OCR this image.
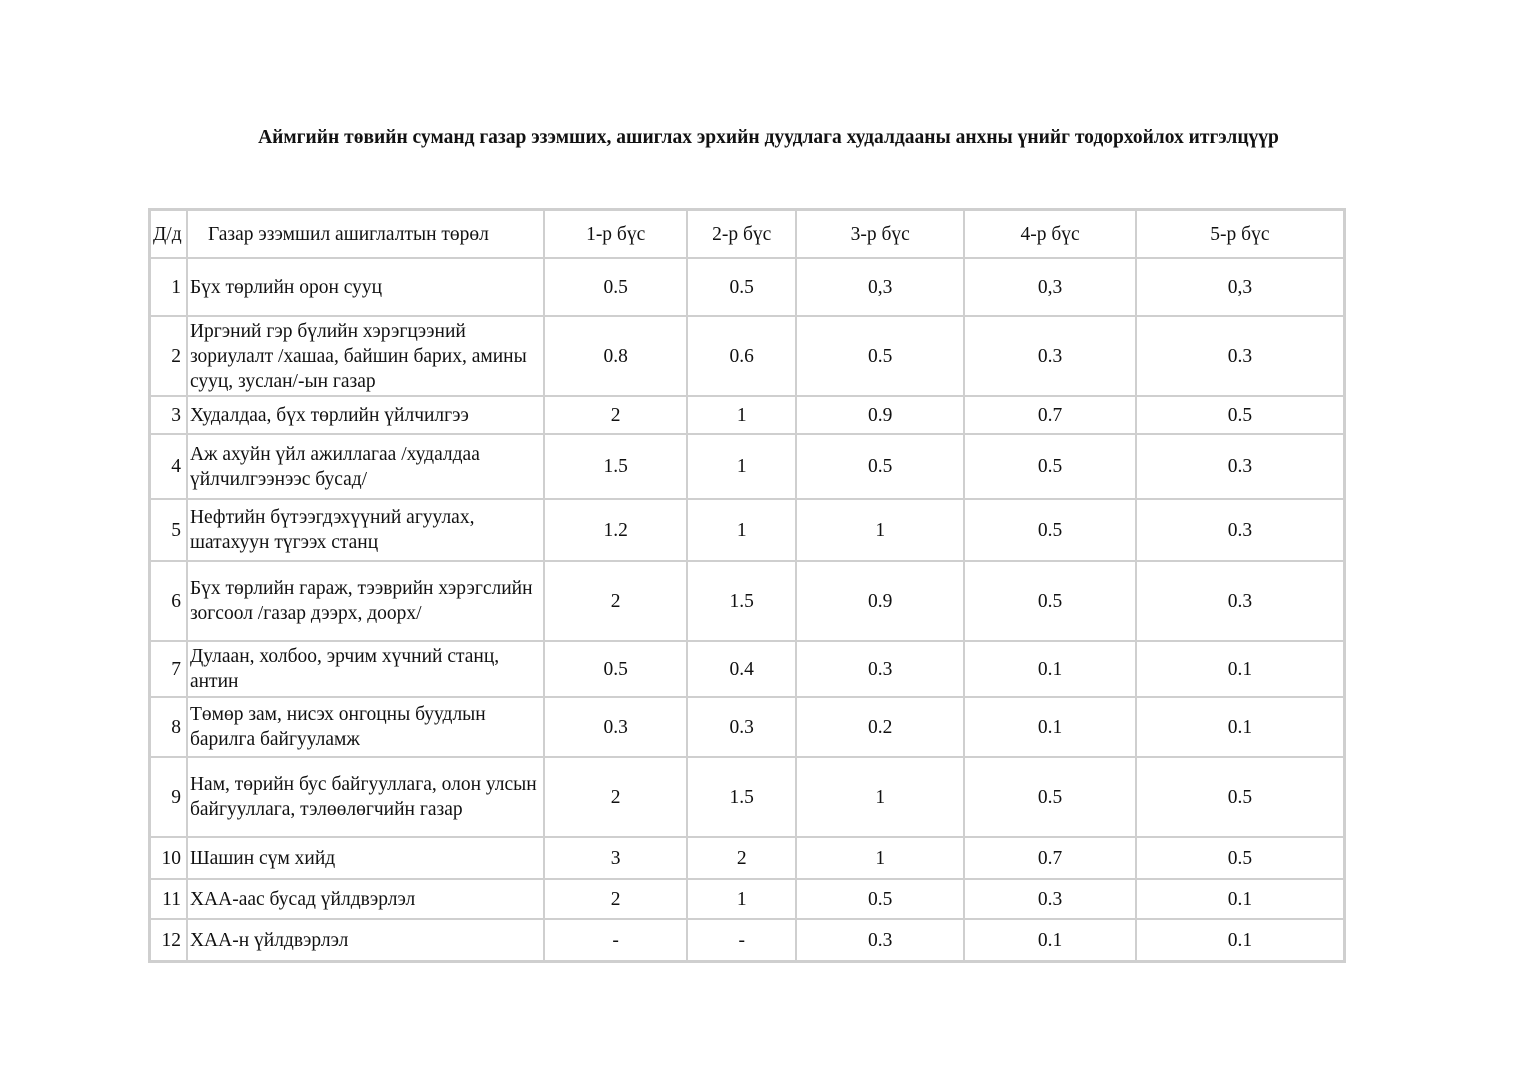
Аймгийн төвийн суманд газар эзэмших, ашиглах эрхийн дуудлага худалдааны анхны үнийг тодорхойлох итгэлцүүр
Д/д	Газар эзэмшил ашиглалтын төрөл	1-р бүс	2-р бүс	3-р бүс	4-р бүс	5-р бүс
1	Бүх төрлийн орон сууц	0.5	0.5	0,3	0,3	0,3
2	Иргэний гэр бүлийн хэрэгцээний зориулалт /хашаа, байшин барих, амины сууц, зуслан/-ын газар	0.8	0.6	0.5	0.3	0.3
3	Худалдаа, бүх төрлийн үйлчилгээ	2	1	0.9	0.7	0.5
4	Аж ахуйн үйл ажиллагаа /худалдаа үйлчилгээнээс бусад/	1.5	1	0.5	0.5	0.3
5	Нефтийн бүтээгдэхүүний агуулах, шатахуун түгээх станц	1.2	1	1	0.5	0.3
6	Бүх төрлийн гараж, тээврийн хэрэгслийн зогсоол /газар дээрх, доорх/	2	1.5	0.9	0.5	0.3
7	Дулаан, холбоо, эрчим хүчний станц, антин	0.5	0.4	0.3	0.1	0.1
8	Төмөр зам, нисэх онгоцны буудлын барилга байгууламж	0.3	0.3	0.2	0.1	0.1
9	Нам, төрийн бус байгууллага, олон улсын байгууллага, тэлөөлөгчийн газар	2	1.5	1	0.5	0.5
10	Шашин сүм хийд	3	2	1	0.7	0.5
11	ХАА-аас бусад үйлдвэрлэл	2	1	0.5	0.3	0.1
12	ХАА-н үйлдвэрлэл	-	-	0.3	0.1	0.1
